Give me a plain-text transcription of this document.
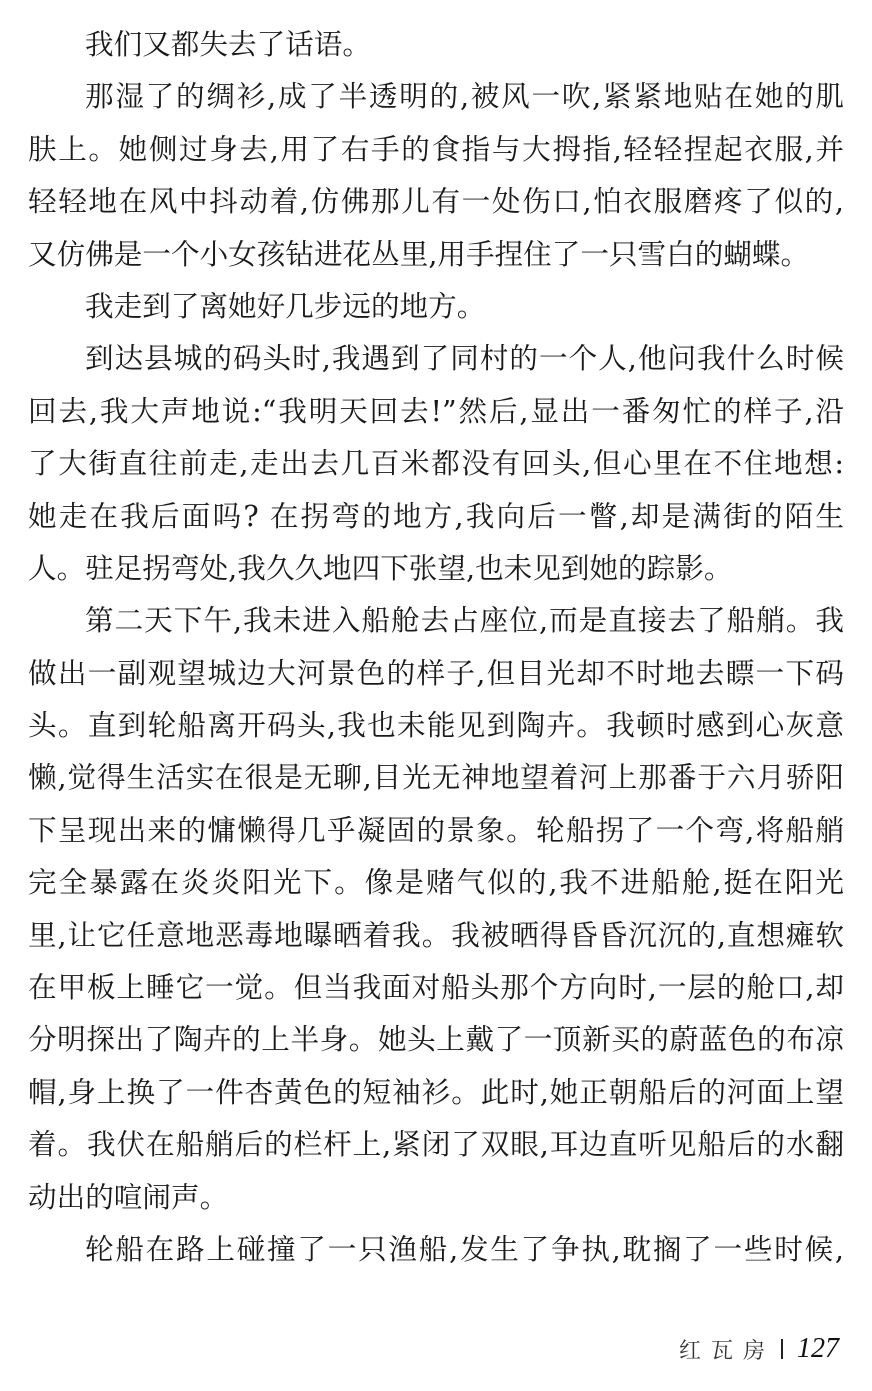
我们又都失去了话语。
那湿了的绸衫,成了半透明的,被风一吹,紧紧地贴在她的肌
肤上。她侧过身去,用了右手的食指与大拇指,轻轻捏起衣服,并
轻轻地在风中抖动着,仿佛那儿有一处伤口,怕衣服磨疼了似的,
又仿佛是一个小女孩钻进花丛里,用手捏住了一只雪白的蝴蝶。
我走到了离她好几步远的地方。
到达县城的码头时,我遇到了同村的一个人,他问我什么时候
回去,我大声地说:“我明天回去!”然后,显出一番匆忙的样子,沿
了大街直往前走,走出去几百米都没有回头,但心里在不住地想:
她走在我后面吗? 在拐弯的地方,我向后一瞥,却是满街的陌生
人。驻足拐弯处,我久久地四下张望,也未见到她的踪影。
第二天下午,我未进入船舱去占座位,而是直接去了船艄。我
做出一副观望城边大河景色的样子,但目光却不时地去瞟一下码
头。直到轮船离开码头,我也未能见到陶卉。我顿时感到心灰意
懒,觉得生活实在很是无聊,目光无神地望着河上那番于六月骄阳
下呈现出来的慵懒得几乎凝固的景象。轮船拐了一个弯,将船艄
完全暴露在炎炎阳光下。像是赌气似的,我不进船舱,挺在阳光
里,让它任意地恶毒地曝晒着我。我被晒得昏昏沉沉的,直想瘫软
在甲板上睡它一觉。但当我面对船头那个方向时,一层的舱口,却
分明探出了陶卉的上半身。她头上戴了一顶新买的蔚蓝色的布凉
帽,身上换了一件杏黄色的短袖衫。此时,她正朝船后的河面上望
着。我伏在船艄后的栏杆上,紧闭了双眼,耳边直听见船后的水翻
动出的喧闹声。
轮船在路上碰撞了一只渔船,发生了争执,耽搁了一些时候,
红瓦房 127
